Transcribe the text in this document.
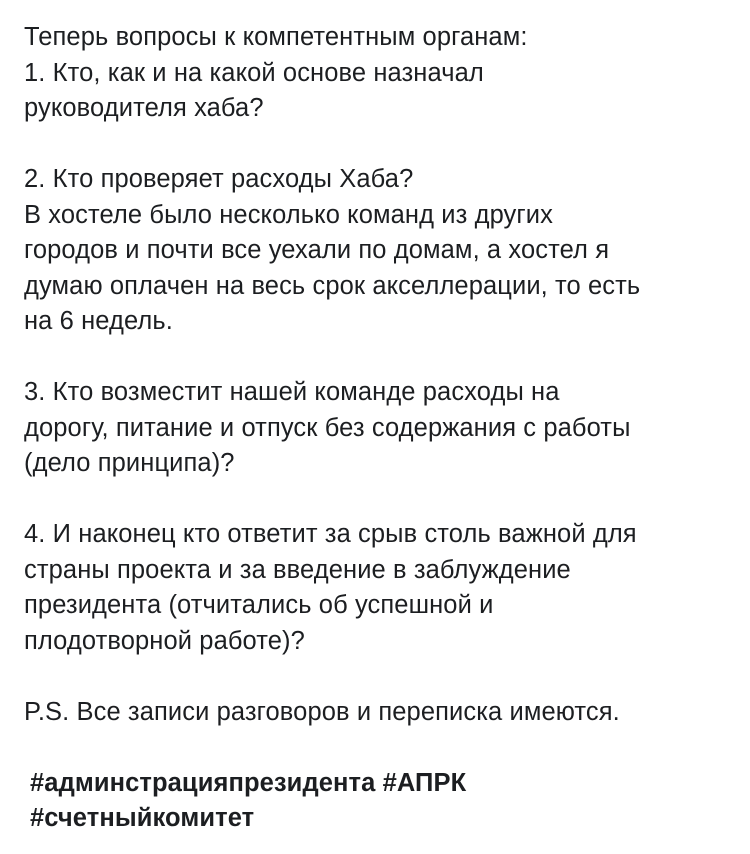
Теперь вопросы к компетентным органам:
1. Кто, как и на какой основе назначал
руководителя хаба?
2. Кто проверяет расходы Хаба?
В хостеле было несколько команд из других
городов и почти все уехали по домам, а хостел я
думаю оплачен на весь срок акселлерации, то есть
на 6 недель.
3. Кто возместит нашей команде расходы на
дорогу, питание и отпуск без содержания с работы
(дело принципа)?
4. И наконец кто ответит за срыв столь важной для
страны проекта и за введение в заблуждение
президента (отчитались об успешной и
плодотворной работе)?
P.S. Все записи разговоров и переписка имеются.
#админстрацияпрезидента #АПРК
#счетныйкомитет
